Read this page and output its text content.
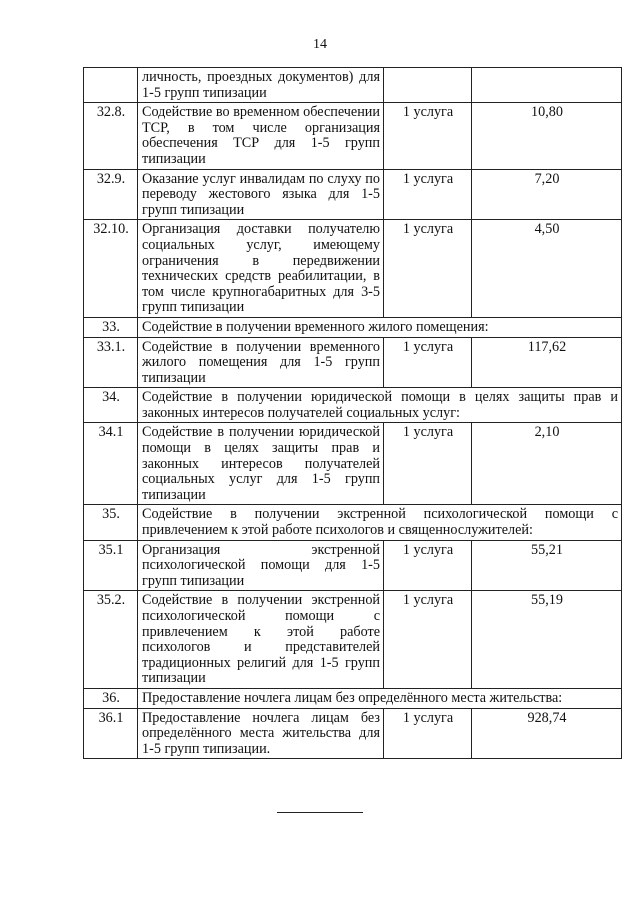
14
	личность, проездных документов) для 1-5 групп типизации		
32.8.	Содействие во временном обеспечении ТСР, в том числе организация обеспечения ТСР для 1-5 групп типизации	1 услуга	10,80
32.9.	Оказание услуг инвалидам по слуху по переводу жестового языка для 1-5 групп типизации	1 услуга	7,20
32.10.	Организация доставки получателю социальных услуг, имеющему ограничения в передвижении технических средств реабилитации, в том числе крупногабаритных для 3-5 групп типизации	1 услуга	4,50
33.	Содействие в получении временного жилого помещения:		
33.1.	Содействие в получении временного жилого помещения для 1-5 групп типизации	1 услуга	117,62
34.	Содействие в получении юридической помощи в целях защиты прав и законных интересов получателей социальных услуг:		
34.1	Содействие в получении юридической помощи в целях защиты прав и законных интересов получателей социальных услуг для 1-5 групп типизации	1 услуга	2,10
35.	Содействие в получении экстренной психологической помощи с привлечением к этой работе психологов и священнослужителей:		
35.1	Организация экстренной психологической помощи для 1-5 групп типизации	1 услуга	55,21
35.2.	Содействие в получении экстренной психологической помощи с привлечением к этой работе психологов и представителей традиционных религий для 1-5 групп типизации	1 услуга	55,19
36.	Предоставление ночлега лицам без определённого места жительства:		
36.1	Предоставление ночлега лицам без определённого места жительства для 1-5 групп типизации.	1 услуга	928,74
